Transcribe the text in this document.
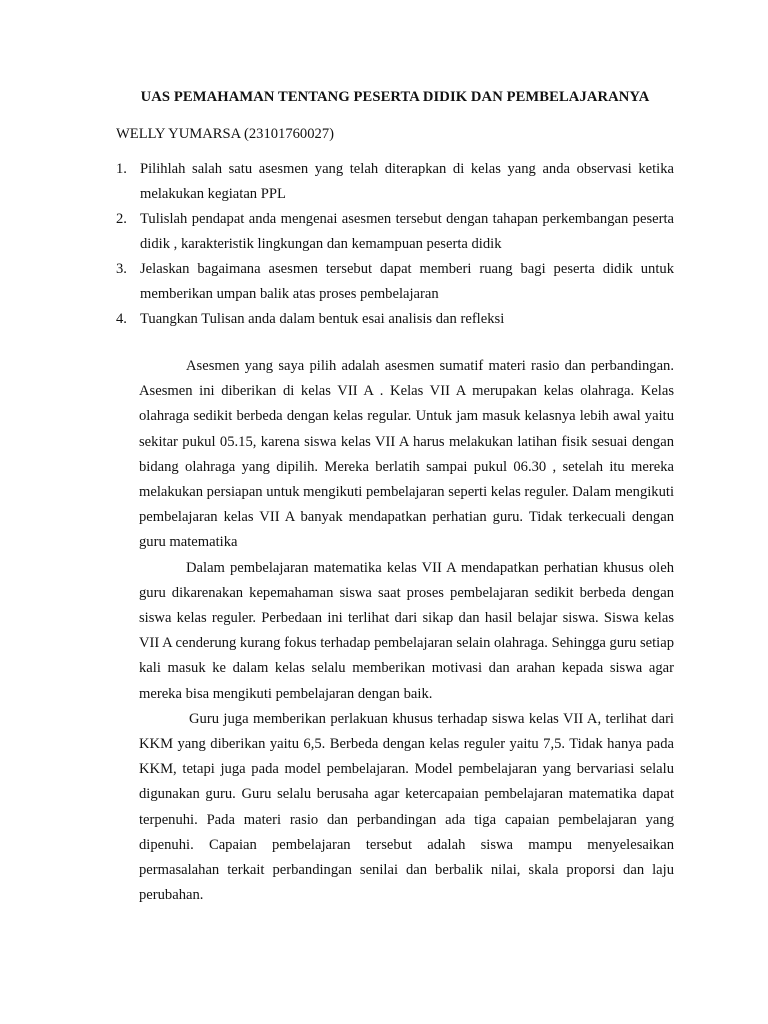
UAS PEMAHAMAN TENTANG PESERTA DIDIK DAN PEMBELAJARANYA
WELLY YUMARSA (23101760027)
1. Pilihlah salah satu asesmen yang telah diterapkan di kelas yang anda observasi ketika melakukan kegiatan PPL
2. Tulislah pendapat anda mengenai asesmen tersebut dengan tahapan perkembangan peserta didik , karakteristik lingkungan dan kemampuan peserta didik
3. Jelaskan bagaimana asesmen tersebut dapat memberi ruang bagi peserta didik untuk memberikan umpan balik atas proses pembelajaran
4. Tuangkan Tulisan anda dalam bentuk esai analisis dan refleksi

Asesmen yang saya pilih adalah asesmen sumatif materi rasio dan perbandingan. Asesmen ini diberikan di kelas VII A . Kelas VII A merupakan kelas olahraga. Kelas olahraga sedikit berbeda dengan kelas regular. Untuk jam masuk kelasnya lebih awal yaitu sekitar pukul 05.15, karena siswa kelas VII A harus melakukan latihan fisik sesuai dengan bidang olahraga yang dipilih. Mereka berlatih sampai pukul 06.30 , setelah itu mereka melakukan persiapan untuk mengikuti pembelajaran seperti kelas reguler. Dalam mengikuti pembelajaran kelas VII A banyak mendapatkan perhatian guru. Tidak terkecuali dengan guru matematika

Dalam pembelajaran matematika kelas VII A mendapatkan perhatian khusus oleh guru dikarenakan kepemahaman siswa saat proses pembelajaran sedikit berbeda dengan siswa kelas reguler. Perbedaan ini terlihat dari sikap dan hasil belajar siswa. Siswa kelas VII A cenderung kurang fokus terhadap pembelajaran selain olahraga. Sehingga guru setiap kali masuk ke dalam kelas selalu memberikan motivasi dan arahan kepada siswa agar mereka bisa mengikuti pembelajaran dengan baik.

Guru juga memberikan perlakuan khusus terhadap siswa kelas VII A, terlihat dari KKM yang diberikan yaitu 6,5. Berbeda dengan kelas reguler yaitu 7,5. Tidak hanya pada KKM, tetapi juga pada model pembelajaran. Model pembelajaran yang bervariasi selalu digunakan guru. Guru selalu berusaha agar ketercapaian pembelajaran matematika dapat terpenuhi. Pada materi rasio dan perbandingan ada tiga capaian pembelajaran yang dipenuhi. Capaian pembelajaran tersebut adalah siswa mampu menyelesaikan permasalahan terkait perbandingan senilai dan berbalik nilai, skala proporsi dan laju perubahan.
